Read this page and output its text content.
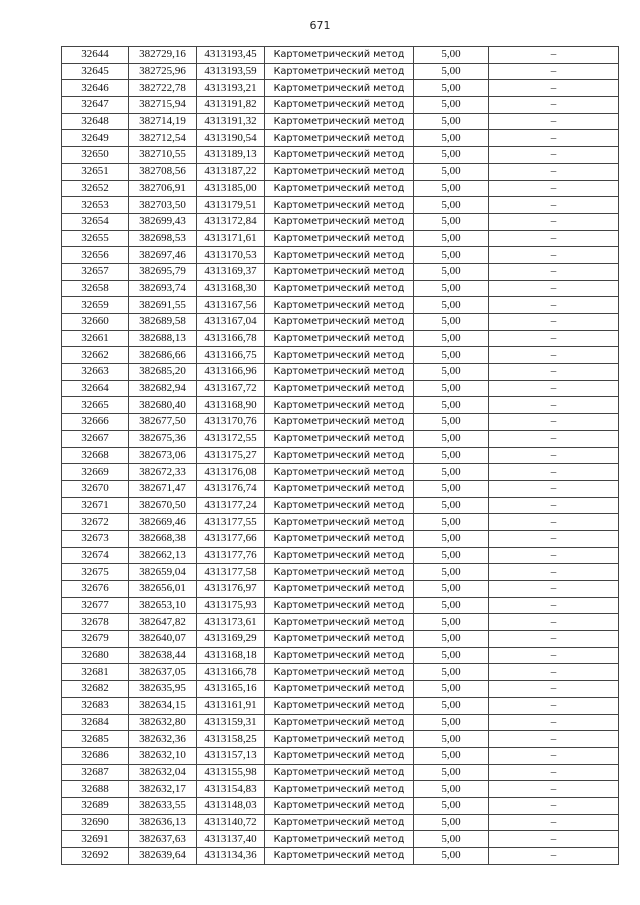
671
32644	382729,16	4313193,45	Картометрический метод	5,00	–
32645	382725,96	4313193,59	Картометрический метод	5,00	–
32646	382722,78	4313193,21	Картометрический метод	5,00	–
32647	382715,94	4313191,82	Картометрический метод	5,00	–
32648	382714,19	4313191,32	Картометрический метод	5,00	–
32649	382712,54	4313190,54	Картометрический метод	5,00	–
32650	382710,55	4313189,13	Картометрический метод	5,00	–
32651	382708,56	4313187,22	Картометрический метод	5,00	–
32652	382706,91	4313185,00	Картометрический метод	5,00	–
32653	382703,50	4313179,51	Картометрический метод	5,00	–
32654	382699,43	4313172,84	Картометрический метод	5,00	–
32655	382698,53	4313171,61	Картометрический метод	5,00	–
32656	382697,46	4313170,53	Картометрический метод	5,00	–
32657	382695,79	4313169,37	Картометрический метод	5,00	–
32658	382693,74	4313168,30	Картометрический метод	5,00	–
32659	382691,55	4313167,56	Картометрический метод	5,00	–
32660	382689,58	4313167,04	Картометрический метод	5,00	–
32661	382688,13	4313166,78	Картометрический метод	5,00	–
32662	382686,66	4313166,75	Картометрический метод	5,00	–
32663	382685,20	4313166,96	Картометрический метод	5,00	–
32664	382682,94	4313167,72	Картометрический метод	5,00	–
32665	382680,40	4313168,90	Картометрический метод	5,00	–
32666	382677,50	4313170,76	Картометрический метод	5,00	–
32667	382675,36	4313172,55	Картометрический метод	5,00	–
32668	382673,06	4313175,27	Картометрический метод	5,00	–
32669	382672,33	4313176,08	Картометрический метод	5,00	–
32670	382671,47	4313176,74	Картометрический метод	5,00	–
32671	382670,50	4313177,24	Картометрический метод	5,00	–
32672	382669,46	4313177,55	Картометрический метод	5,00	–
32673	382668,38	4313177,66	Картометрический метод	5,00	–
32674	382662,13	4313177,76	Картометрический метод	5,00	–
32675	382659,04	4313177,58	Картометрический метод	5,00	–
32676	382656,01	4313176,97	Картометрический метод	5,00	–
32677	382653,10	4313175,93	Картометрический метод	5,00	–
32678	382647,82	4313173,61	Картометрический метод	5,00	–
32679	382640,07	4313169,29	Картометрический метод	5,00	–
32680	382638,44	4313168,18	Картометрический метод	5,00	–
32681	382637,05	4313166,78	Картометрический метод	5,00	–
32682	382635,95	4313165,16	Картометрический метод	5,00	–
32683	382634,15	4313161,91	Картометрический метод	5,00	–
32684	382632,80	4313159,31	Картометрический метод	5,00	–
32685	382632,36	4313158,25	Картометрический метод	5,00	–
32686	382632,10	4313157,13	Картометрический метод	5,00	–
32687	382632,04	4313155,98	Картометрический метод	5,00	–
32688	382632,17	4313154,83	Картометрический метод	5,00	–
32689	382633,55	4313148,03	Картометрический метод	5,00	–
32690	382636,13	4313140,72	Картометрический метод	5,00	–
32691	382637,63	4313137,40	Картометрический метод	5,00	–
32692	382639,64	4313134,36	Картометрический метод	5,00	–
